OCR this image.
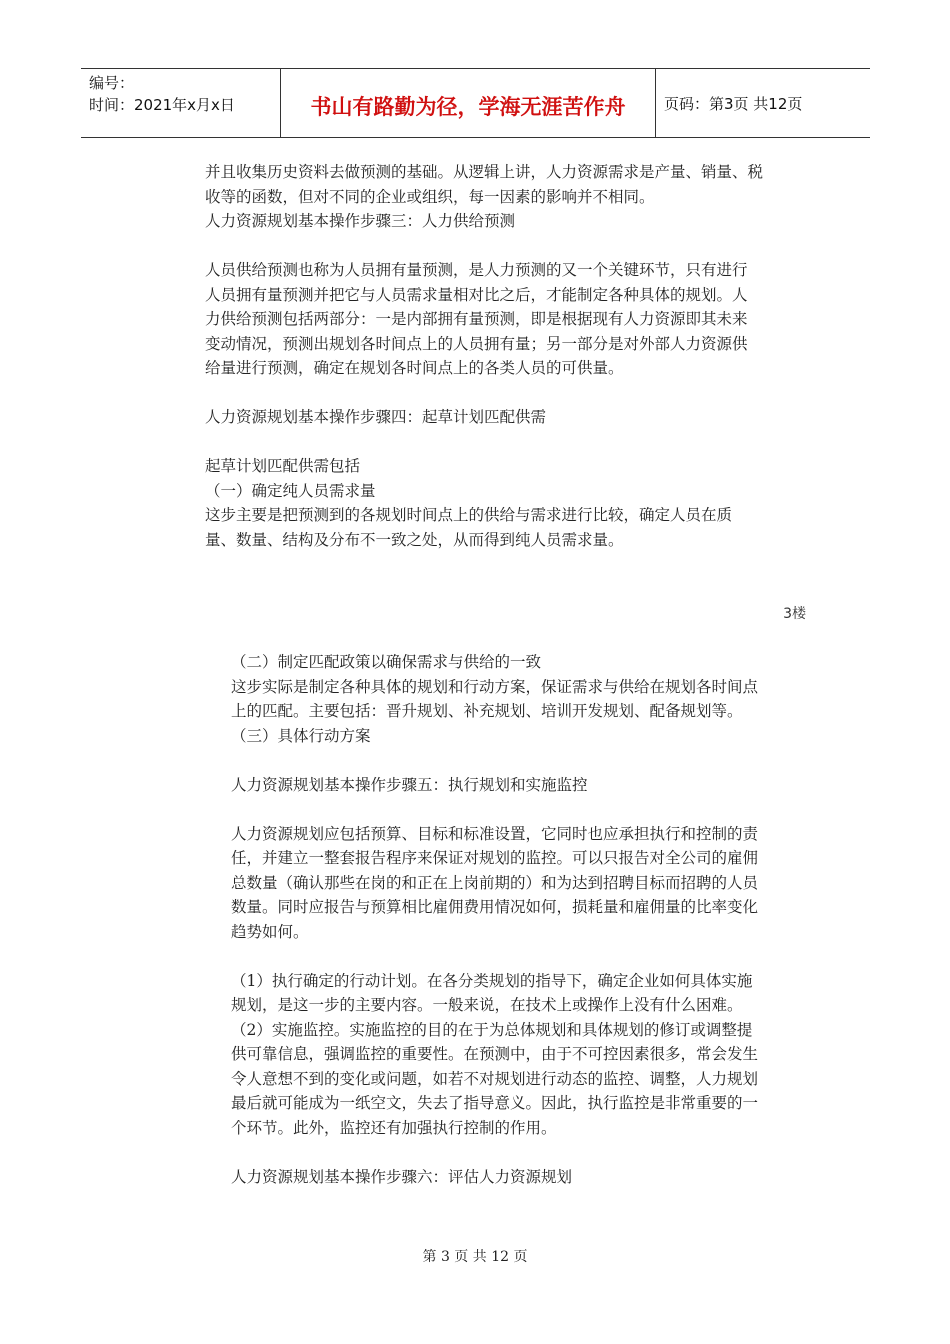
编号：
时间：2021年x月x日	书山有路勤为径，学海无涯苦作舟	页码：第3页 共12页

并且收集历史资料去做预测的基础。从逻辑上讲，人力资源需求是产量、销量、税

收等的函数，但对不同的企业或组织，每一因素的影响并不相同。

人力资源规划基本操作步骤三：人力供给预测

人员供给预测也称为人员拥有量预测，是人力预测的又一个关键环节，只有进行

人员拥有量预测并把它与人员需求量相对比之后，才能制定各种具体的规划。人

力供给预测包括两部分：一是内部拥有量预测，即是根据现有人力资源即其未来

变动情况，预测出规划各时间点上的人员拥有量；另一部分是对外部人力资源供

给量进行预测，确定在规划各时间点上的各类人员的可供量。

人力资源规划基本操作步骤四：起草计划匹配供需

起草计划匹配供需包括

（一）确定纯人员需求量

这步主要是把预测到的各规划时间点上的供给与需求进行比较，确定人员在质

量、数量、结构及分布不一致之处，从而得到纯人员需求量。

3楼

（二）制定匹配政策以确保需求与供给的一致

这步实际是制定各种具体的规划和行动方案，保证需求与供给在规划各时间点

上的匹配。主要包括：晋升规划、补充规划、培训开发规划、配备规划等。

（三）具体行动方案

人力资源规划基本操作步骤五：执行规划和实施监控

人力资源规划应包括预算、目标和标准设置，它同时也应承担执行和控制的责

任，并建立一整套报告程序来保证对规划的监控。可以只报告对全公司的雇佣

总数量（确认那些在岗的和正在上岗前期的）和为达到招聘目标而招聘的人员

数量。同时应报告与预算相比雇佣费用情况如何，损耗量和雇佣量的比率变化

趋势如何。

（1）执行确定的行动计划。在各分类规划的指导下，确定企业如何具体实施

规划，是这一步的主要内容。一般来说，在技术上或操作上没有什么困难。

（2）实施监控。实施监控的目的在于为总体规划和具体规划的修订或调整提

供可靠信息，强调监控的重要性。在预测中，由于不可控因素很多，常会发生

令人意想不到的变化或问题，如若不对规划进行动态的监控、调整，人力规划

最后就可能成为一纸空文，失去了指导意义。因此，执行监控是非常重要的一

个环节。此外，监控还有加强执行控制的作用。

人力资源规划基本操作步骤六：评估人力资源规划

第 3 页 共 12 页
